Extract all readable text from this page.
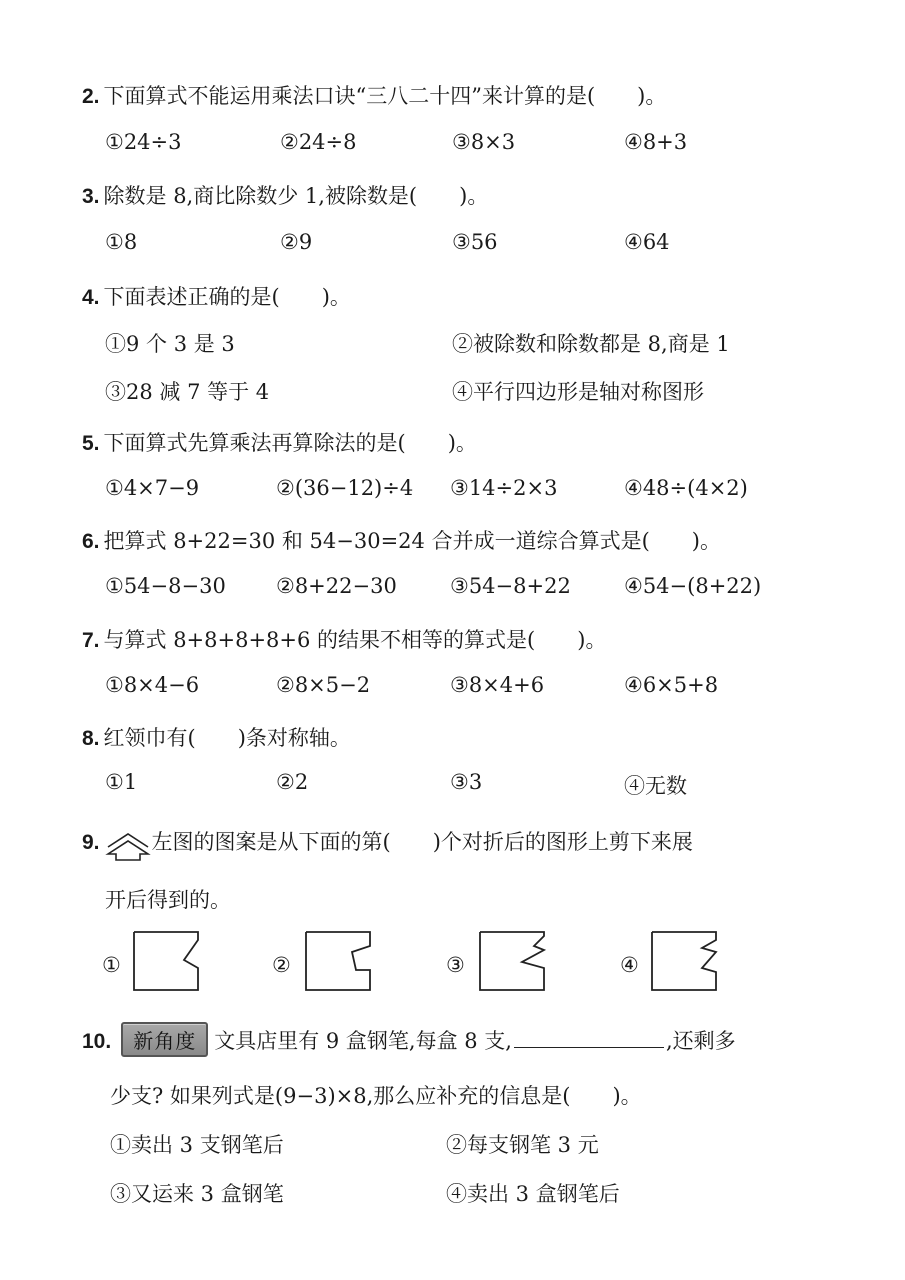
2. 下面算式不能运用乘法口诀“三八二十四”来计算的是(　　)。
①24÷3	②24÷8	③8×3	④8+3
3. 除数是 8,商比除数少 1,被除数是(　　)。
①8	②9	③56	④64
4. 下面表述正确的是(　　)。
①9 个 3 是 3	②被除数和除数都是 8,商是 1
③28 减 7 等于 4	④平行四边形是轴对称图形
5. 下面算式先算乘法再算除法的是(　　)。
①4×7−9	②(36−12)÷4 ③14÷2×3	④48÷(4×2)
6. 把算式 8+22=30 和 54−30=24 合并成一道综合算式是(　　)。
①54−8−30 ②8+22−30	③54−8+22	④54−(8+22)
7. 与算式 8+8+8+8+6 的结果不相等的算式是(　　)。
①8×4−6	②8×5−2	③8×4+6	④6×5+8
8. 红领巾有(　　)条对称轴。
①1	②2	③3	④无数
9. 左图的图案是从下面的第(　　)个对折后的图形上剪下来展
开后得到的。
①	②	③	④
10. 新角度 文具店里有 9 盒钢笔,每盒 8 支,	,还剩多
少支? 如果列式是(9−3)×8,那么应补充的信息是(　　)。
①卖出 3 支钢笔后	②每支钢笔 3 元
③又运来 3 盒钢笔	④卖出 3 盒钢笔后
